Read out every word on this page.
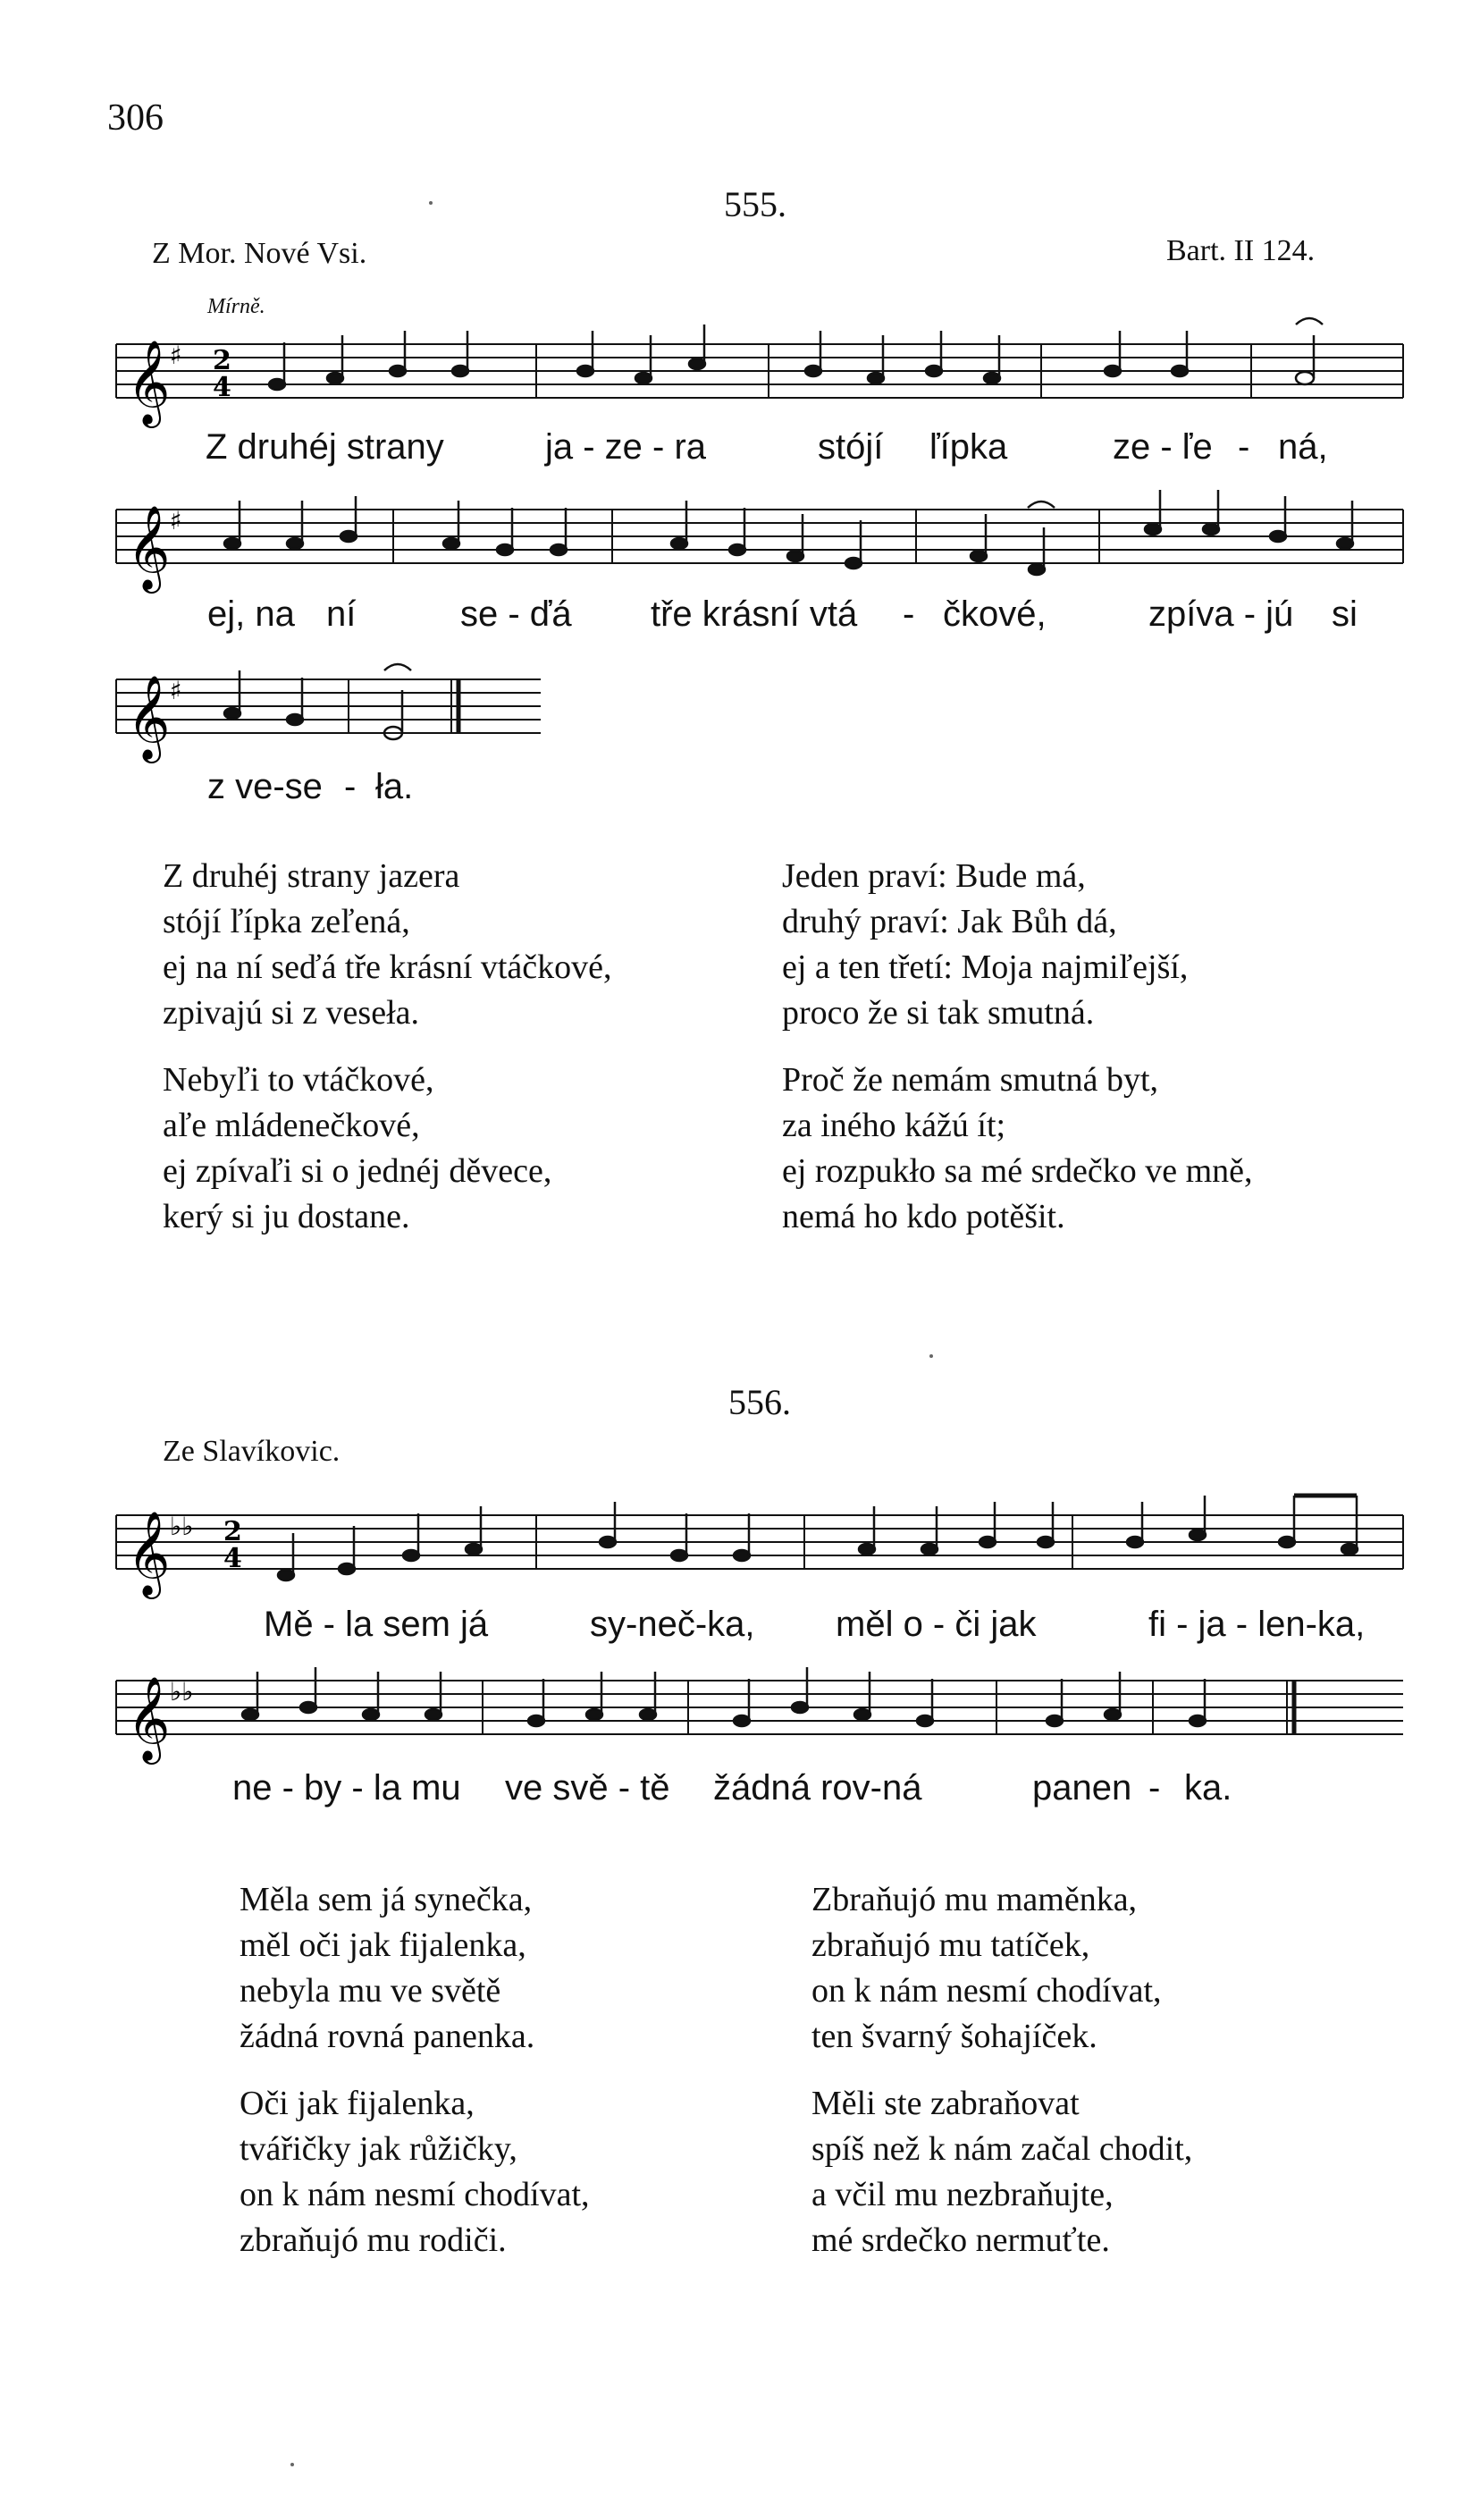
306
555.
Z Mor. Nové Vsi.	Bart. II 124.
Mírně.
𝄞 ♯ 2
4
Z druhéj strany	ja - ze - ra	stójí ľípka	ze - ľe - ná,
𝄞 ♯
ej, na ní	se - ďá tře krásní vtá - čkové,	zpíva - jú si
𝄞 ♯
z ve-se - ła.
Z druhéj strany jazera
stójí ľípka zeľená,
ej na ní seďá tře krásní vtáčkové,
zpivajú si z veseła.
Nebyľi to vtáčkové,
aľe mládenečkové,
ej zpívaľi si o jednéj děvece,
kerý si ju dostane.
Jeden praví: Bude má,
druhý praví: Jak Bůh dá,
ej a ten třetí: Moja najmiľejší,
proco že si tak smutná.
Proč že nemám smutná byt,
za iného kážú ít;
ej rozpukło sa mé srdečko ve mně,
nemá ho kdo potěšit.
556.
Ze Slavíkovic.
𝄞 ♭♭ 2
4
Mě - la sem já	sy-neč-ka, měl o - či jak	fi - ja - len-ka,
𝄞 ♭♭
ne - by - la mu ve svě - tě žádná rov-ná	panen - ka.
Měla sem já synečka,
měl oči jak fijalenka,
nebyla mu ve světě
žádná rovná panenka.
Oči jak fijalenka,
tvářičky jak růžičky,
on k nám nesmí chodívat,
zbraňujó mu rodiči.
Zbraňujó mu maměnka,
zbraňujó mu tatíček,
on k nám nesmí chodívat,
ten švarný šohajíček.
Měli ste zabraňovat
spíš než k nám začal chodit,
a včil mu nezbraňujte,
mé srdečko nermuťte.
